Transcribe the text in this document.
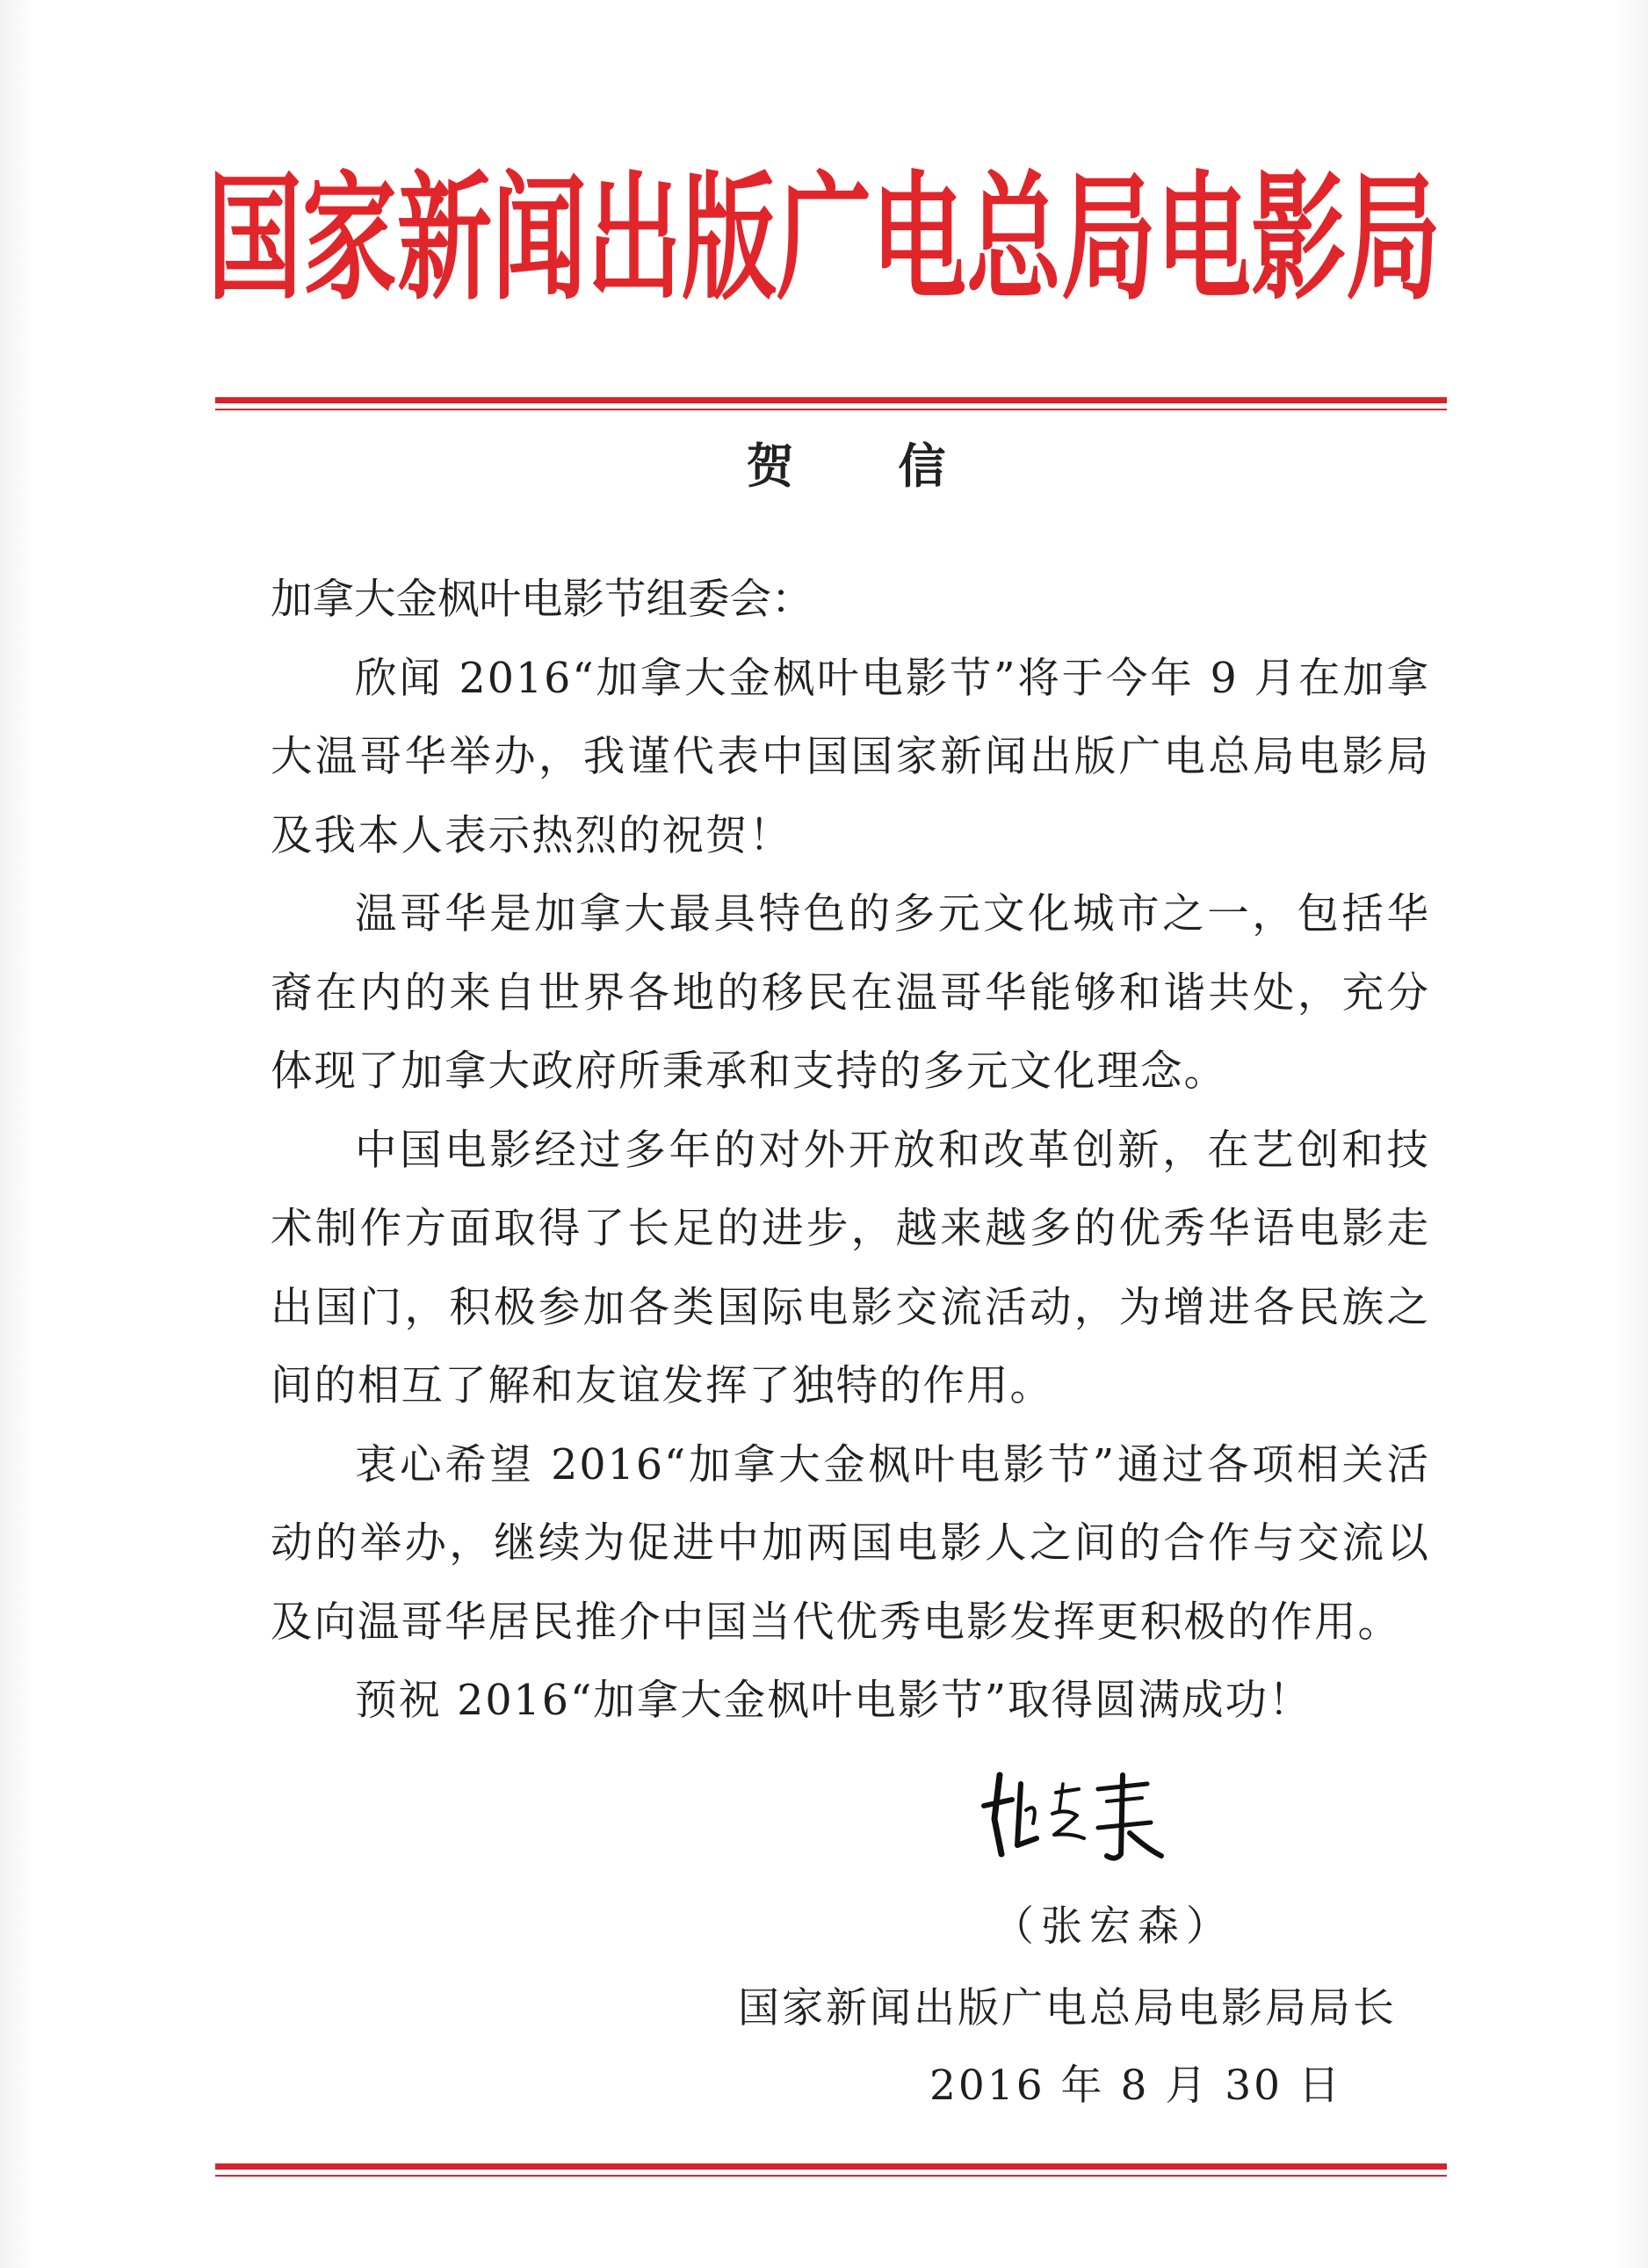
国家新闻出版广电总局电影局
贺 信

加拿大金枫叶电影节组委会：

欣闻 2016“加拿大金枫叶电影节”将于今年 9 月在加拿大温哥华举办，我谨代表中国国家新闻出版广电总局电影局及我本人表示热烈的祝贺！

温哥华是加拿大最具特色的多元文化城市之一，包括华裔在内的来自世界各地的移民在温哥华能够和谐共处，充分体现了加拿大政府所秉承和支持的多元文化理念。

中国电影经过多年的对外开放和改革创新，在艺创和技术制作方面取得了长足的进步，越来越多的优秀华语电影走出国门，积极参加各类国际电影交流活动，为增进各民族之间的相互了解和友谊发挥了独特的作用。

衷心希望 2016“加拿大金枫叶电影节”通过各项相关活动的举办，继续为促进中加两国电影人之间的合作与交流以及向温哥华居民推介中国当代优秀电影发挥更积极的作用。

预祝 2016“加拿大金枫叶电影节”取得圆满成功！

（张宏森）
国家新闻出版广电总局电影局局长
2016 年 8 月 30 日
